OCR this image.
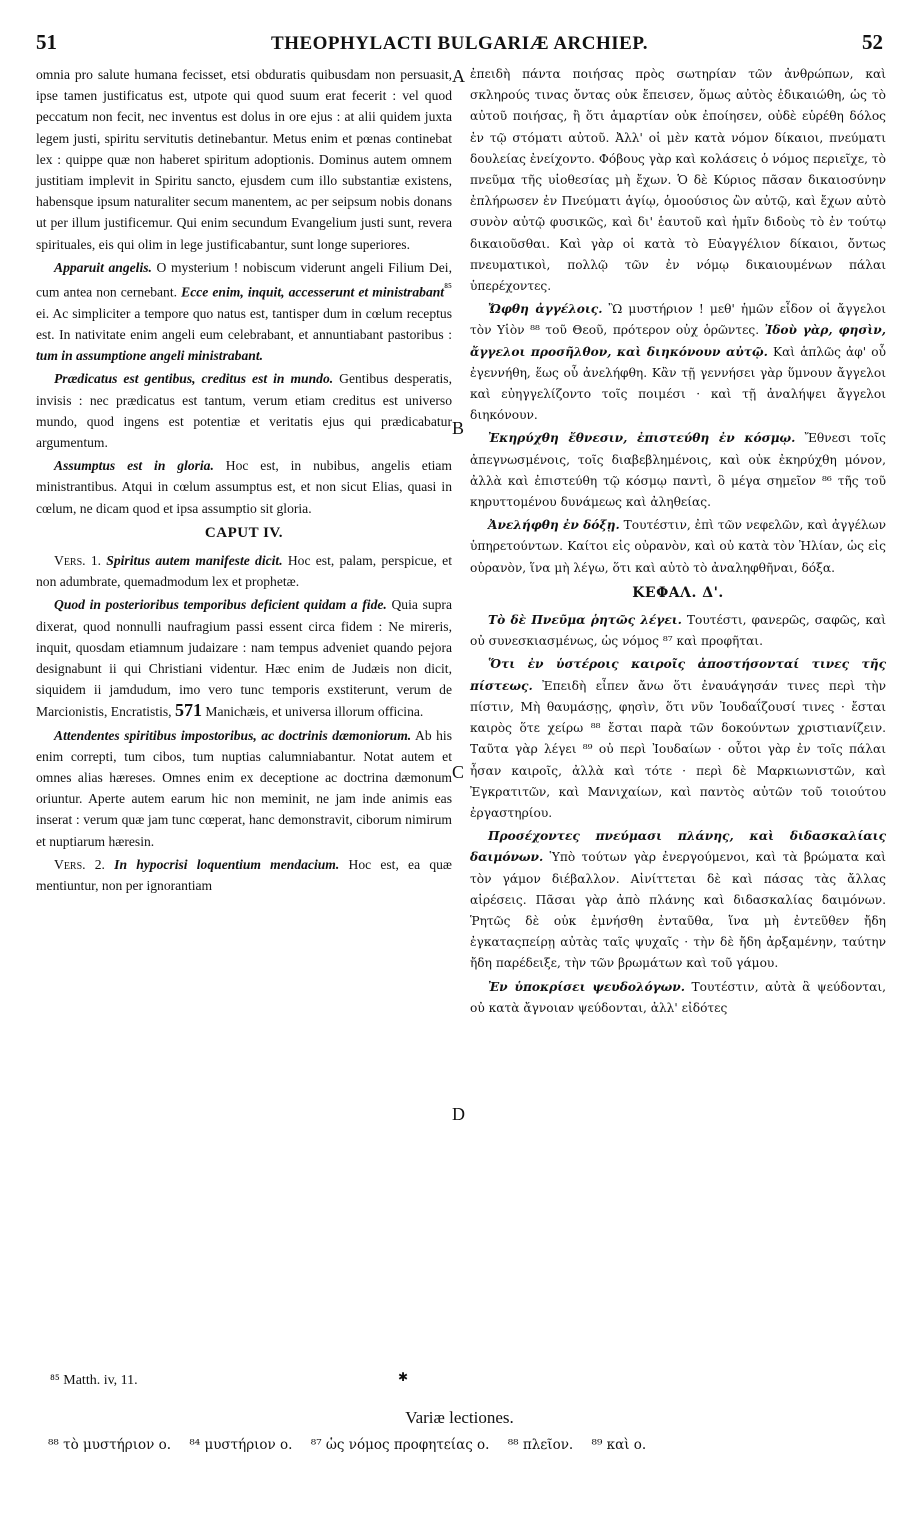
51	THEOPHYLACTI BULGARIÆ ARCHIEP.	52
A
B
C
D

omnia pro salute humana fecisset, etsi obduratis quibusdam non persuasit, ipse tamen justificatus est, utpote qui quod suum erat fecerit : vel quod peccatum non fecit, nec inventus est dolus in ore ejus : at alii quidem juxta legem justi, spiritu servitutis detinebantur. Metus enim et pœnas continebat lex : quippe quæ non haberet spiritum adoptionis. Dominus autem omnem justitiam implevit in Spiritu sancto, ejusdem cum illo substantiæ existens, habensque ipsum naturaliter secum manentem, ac per seipsum nobis donans ut per illum justificemur. Qui enim secundum Evangelium justi sunt, revera spirituales, eis qui olim in lege justificabantur, sunt longe superiores.

Apparuit angelis. O mysterium ! nobiscum viderunt angeli Filium Dei, cum antea non cernebant. Ecce enim, inquit, accesserunt et ministrabant$^{^{85}}$ ei. Ac simpliciter a tempore quo natus est, tantisper dum in cœlum receptus est. In nativitate enim angeli eum celebrabant, et annuntiabant pastoribus : tum in assumptione angeli ministrabant.

Prædicatus est gentibus, creditus est in mundo. Gentibus desperatis, invisis : nec prædicatus est tantum, verum etiam creditus est universo mundo, quod ingens est potentiæ et veritatis ejus qui prædicabatur argumentum.

Assumptus est in gloria. Hoc est, in nubibus, angelis etiam ministrantibus. Atqui in cœlum assumptus est, et non sicut Elias, quasi in cœlum, ne dicam quod et ipsa assumptio sit gloria.

CAPUT IV.

Vers. 1. Spiritus autem manifeste dicit. Hoc est, palam, perspicue, et non adumbrate, quemadmodum lex et prophetæ.

Quod in posterioribus temporibus deficient quidam a fide. Quia supra dixerat, quod nonnulli naufragium passi essent circa fidem : Ne mireris, inquit, quosdam etiamnum judaizare : nam tempus adveniet quando pejora designabunt ii qui Christiani videntur. Hæc enim de Judæis non dicit, siquidem ii jamdudum, imo vero tunc temporis exstiterunt, verum de Marcionistis, Encratistis, 571 Manichæis, et universa illorum officina.

Attendentes spiritibus impostoribus, ac doctrinis dæmoniorum. Ab his enim correpti, tum cibos, tum nuptias calumniabantur. Notat autem et omnes alias hæreses. Omnes enim ex deceptione ac doctrina dæmonum oriuntur. Aperte autem earum hic non meminit, ne jam inde animis eas inserat : verum quæ jam tunc cœperat, hanc demonstravit, ciborum nimirum et nuptiarum hæresin.

Vers. 2. In hypocrisi loquentium mendacium. Hoc est, ea quæ mentiuntur, non per ignorantiam

ἐπειδὴ πάντα ποιήσας πρὸς σωτηρίαν τῶν ἀνθρώπων, καὶ σκληρούς τινας ὄντας οὐκ ἔπεισεν, ὅμως αὐτὸς ἐδικαιώθη, ὡς τὸ αὐτοῦ ποιήσας, ἢ ὅτι ἁμαρτίαν οὐκ ἐποίησεν, οὐδὲ εὑρέθη δόλος ἐν τῷ στόματι αὐτοῦ. Ἀλλ' οἱ μὲν κατὰ νόμον δίκαιοι, πνεύματι δουλείας ἐνείχοντο. Φόβους γὰρ καὶ κολάσεις ὁ νόμος περιεῖχε, τὸ πνεῦμα τῆς υἱοθεσίας μὴ ἔχων. Ὁ δὲ Κύριος πᾶσαν δικαιοσύνην ἐπλήρωσεν ἐν Πνεύματι ἁγίῳ, ὁμοούσιος ὢν αὐτῷ, καὶ ἔχων αὐτὸ συνὸν αὐτῷ φυσικῶς, καὶ δι' ἑαυτοῦ καὶ ἡμῖν διδοὺς τὸ ἐν τούτῳ δικαιοῦσθαι. Καὶ γὰρ οἱ κατὰ τὸ Εὐαγγέλιον δίκαιοι, ὄντως πνευματικοὶ, πολλῷ τῶν ἐν νόμῳ δικαιουμένων πάλαι ὑπερέχοντες.

Ὤφθη ἀγγέλοις. Ὢ μυστήριον ! μεθ' ἡμῶν εἶδον οἱ ἄγγελοι τὸν Υἱὸν ⁸⁸ τοῦ Θεοῦ, πρότερον οὐχ ὁρῶντες. Ἰδοὺ γὰρ, φησὶν, ἄγγελοι προσῆλθον, καὶ διηκόνουν αὐτῷ. Καὶ ἁπλῶς ἀφ' οὗ ἐγεννήθη, ἕως οὗ ἀνελήφθη. Κἂν τῇ γεννήσει γὰρ ὕμνουν ἄγγελοι καὶ εὐηγγελίζοντο τοῖς ποιμέσι · καὶ τῇ ἀναλήψει ἄγγελοι διηκόνουν.

Ἐκηρύχθη ἔθνεσιν, ἐπιστεύθη ἐν κόσμῳ. Ἔθνεσι τοῖς ἀπεγνωσμένοις, τοῖς διαβεβλημένοις, καὶ οὐκ ἐκηρύχθη μόνον, ἀλλὰ καὶ ἐπιστεύθη τῷ κόσμῳ παντὶ, ὃ μέγα σημεῖον ⁸⁶ τῆς τοῦ κηρυττομένου δυνάμεως καὶ ἀληθείας.

Ἀνελήφθη ἐν δόξῃ. Τουτέστιν, ἐπὶ τῶν νεφελῶν, καὶ ἀγγέλων ὑπηρετούντων. Καίτοι εἰς οὐρανὸν, καὶ οὐ κατὰ τὸν Ἠλίαν, ὡς εἰς οὐρανὸν, ἵνα μὴ λέγω, ὅτι καὶ αὐτὸ τὸ ἀναληφθῆναι, δόξα.

ΚΕΦΑΛ. Δ'.

Τὸ δὲ Πνεῦμα ῥητῶς λέγει. Τουτέστι, φανερῶς, σαφῶς, καὶ οὐ συνεσκιασμένως, ὡς νόμος ⁸⁷ καὶ προφῆται.

Ὅτι ἐν ὑστέροις καιροῖς ἀποστήσονταί τινες τῆς πίστεως. Ἐπειδὴ εἶπεν ἄνω ὅτι ἐναυάγησάν τινες περὶ τὴν πίστιν, Μὴ θαυμάσῃς, φησὶν, ὅτι νῦν Ἰουδαΐζουσί τινες · ἔσται καιρὸς ὅτε χείρω ⁸⁸ ἔσται παρὰ τῶν δοκούντων χριστιανίζειν. Ταῦτα γὰρ λέγει ⁸⁹ οὐ περὶ Ἰουδαίων · οὗτοι γὰρ ἐν τοῖς πάλαι ἦσαν καιροῖς, ἀλλὰ καὶ τότε · περὶ δὲ Μαρκιωνιστῶν, καὶ Ἐγκρατιτῶν, καὶ Μανιχαίων, καὶ παντὸς αὐτῶν τοῦ τοιούτου ἐργαστηρίου.

Προσέχοντες πνεύμασι πλάνης, καὶ διδασκαλίαις δαιμόνων. Ὑπὸ τούτων γὰρ ἐνεργούμενοι, καὶ τὰ βρώματα καὶ τὸν γάμον διέβαλλον. Αἰνίττεται δὲ καὶ πάσας τὰς ἄλλας αἱρέσεις. Πᾶσαι γὰρ ἀπὸ πλάνης καὶ διδασκαλίας δαιμόνων. Ῥητῶς δὲ οὐκ ἐμνήσθη ἐνταῦθα, ἵνα μὴ ἐντεῦθεν ἤδη ἐγκαταςπείρῃ αὐτὰς ταῖς ψυχαῖς · τὴν δὲ ἤδη ἀρξαμένην, ταύτην ἤδη παρέδειξε, τὴν τῶν βρωμάτων καὶ τοῦ γάμου.

Ἐν ὑποκρίσει ψευδολόγων. Τουτέστιν, αὐτὰ ἃ ψεύδονται, οὐ κατὰ ἄγνοιαν ψεύδονται, ἀλλ' εἰδότες

⁸⁵ Matth. iv, 11.	✱
Variæ lectiones.
⁸⁸ τὸ μυστήριον ο. ⁸⁴ μυστήριον ο. ⁸⁷ ὡς νόμος προφητείας ο. ⁸⁸ πλεῖον. ⁸⁹ καὶ ο.
